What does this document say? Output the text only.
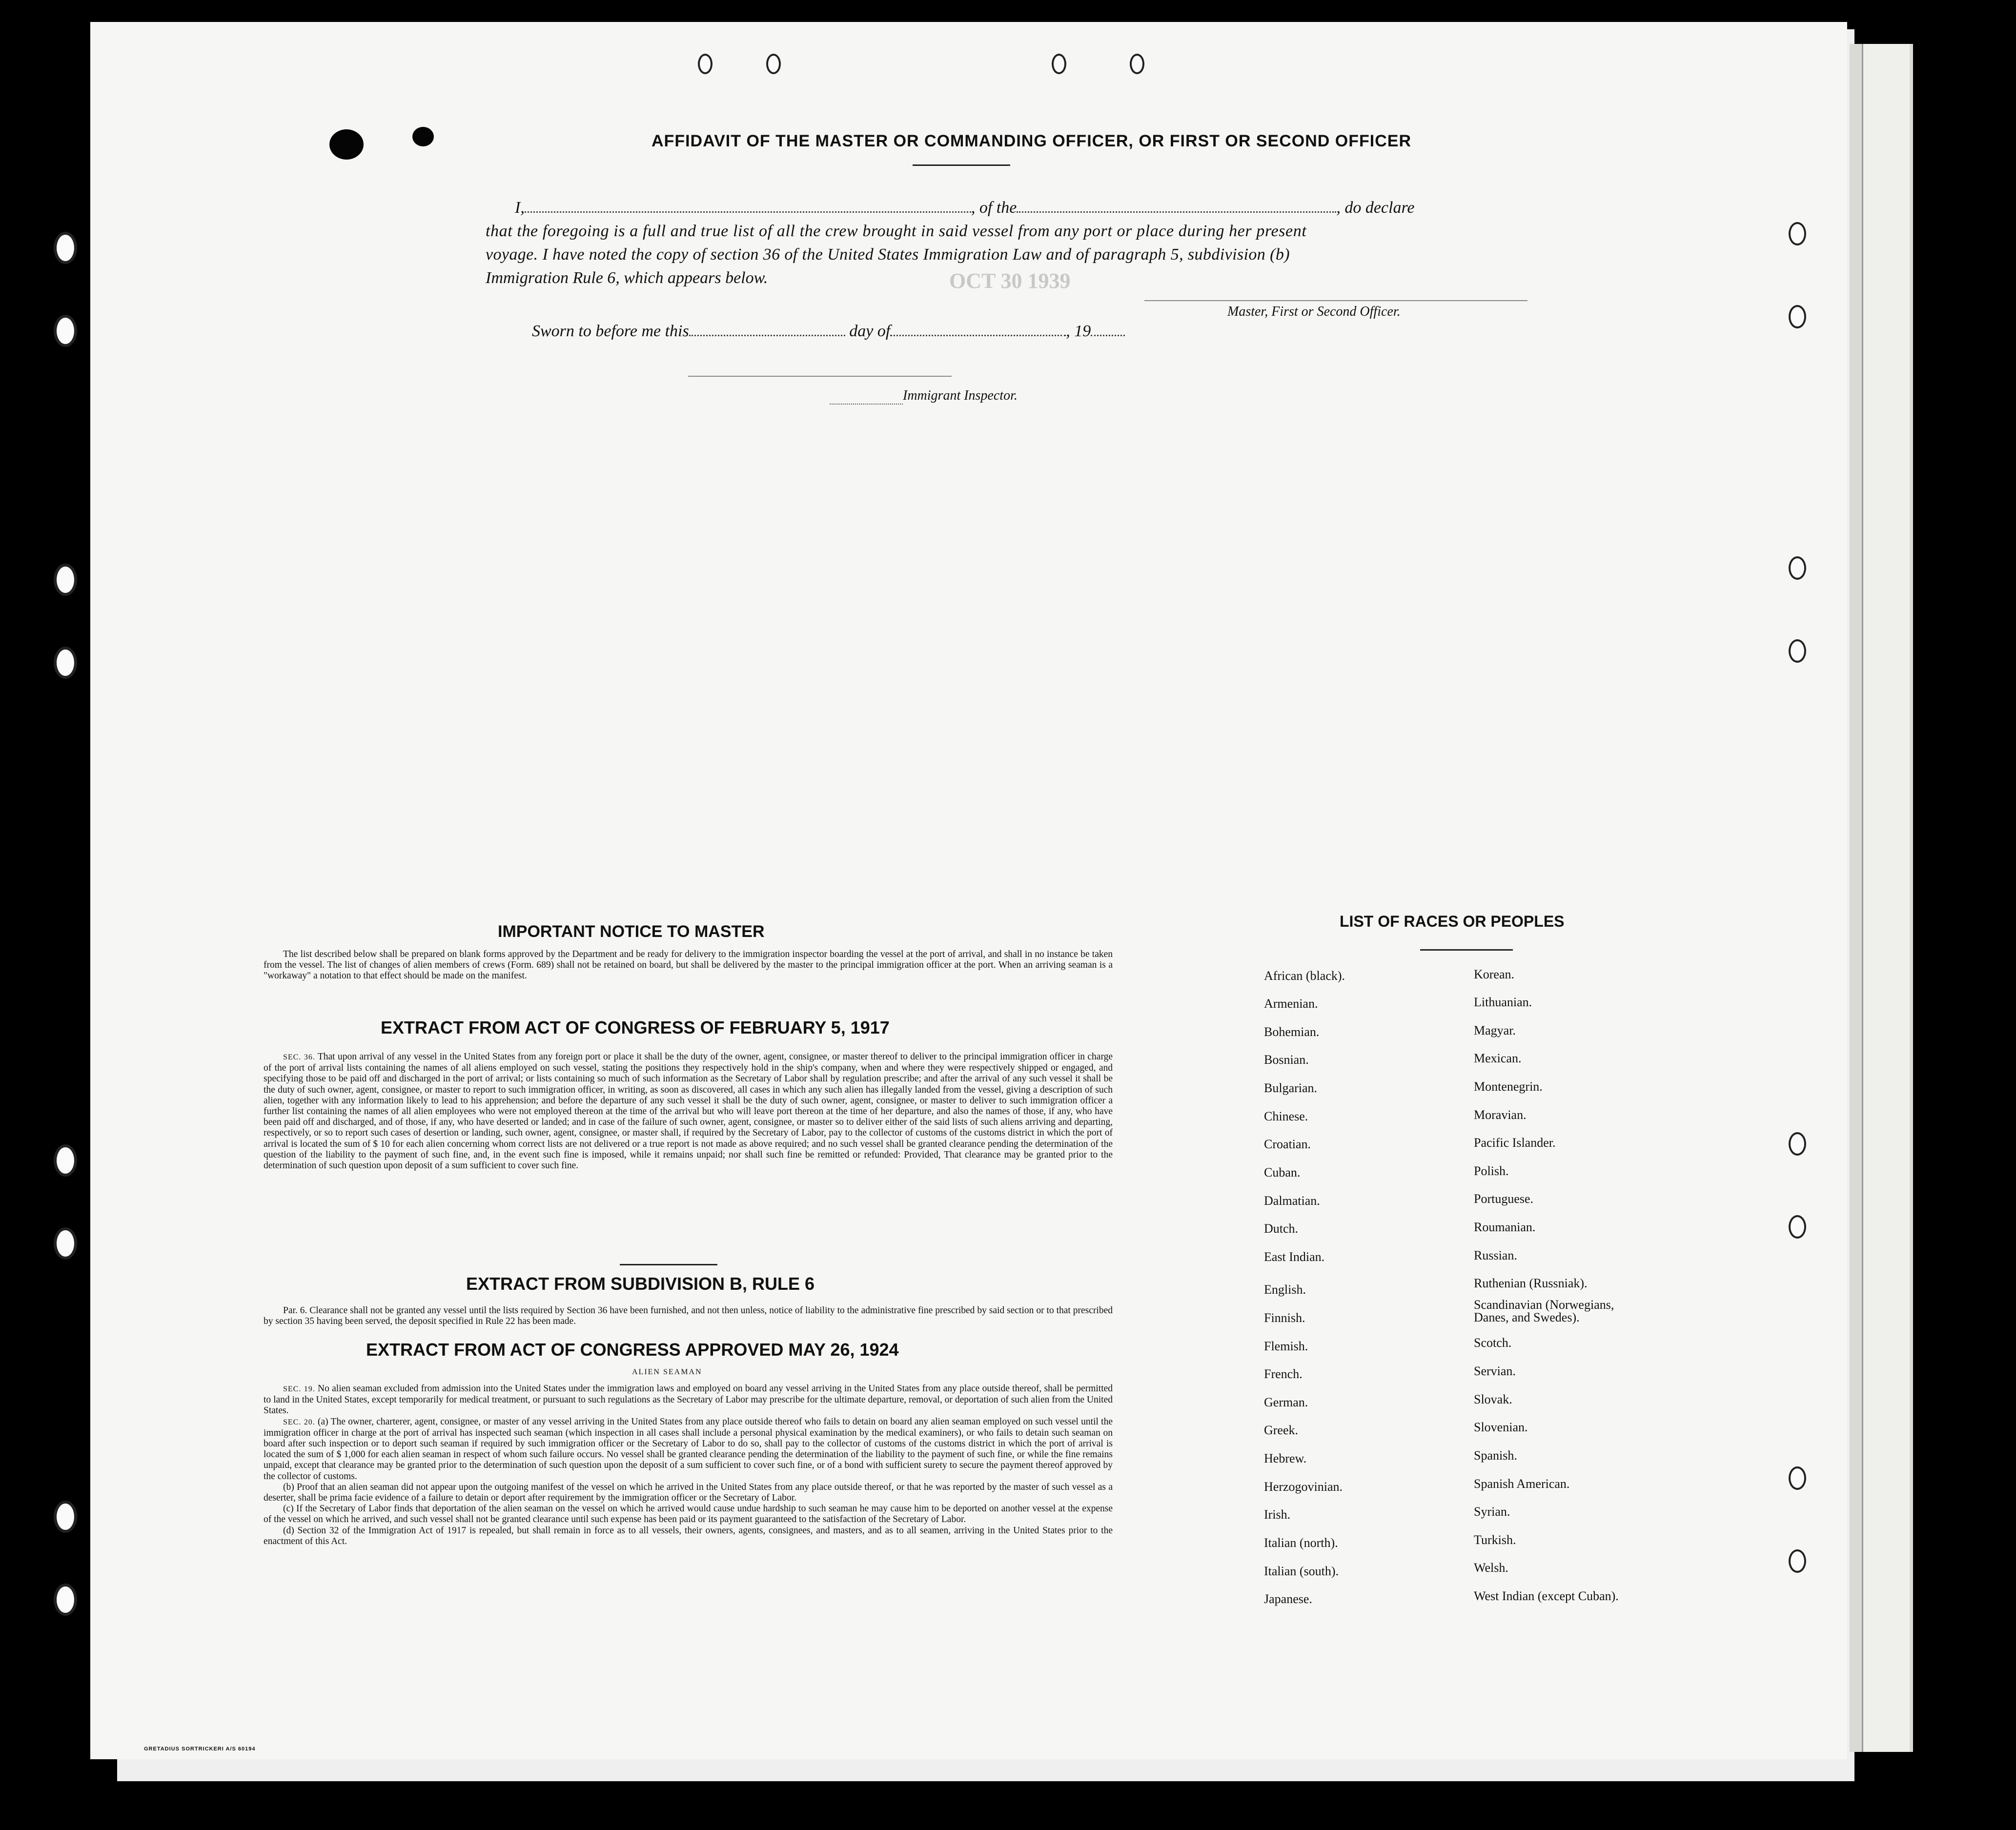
OCT 30 1939
AFFIDAVIT OF THE MASTER OR COMMANDING OFFICER, OR FIRST OR SECOND OFFICER
I,	, of the	, do declare
that the foregoing is a full and true list of all the crew brought in said vessel from any port or place during her present
voyage. I have noted the copy of section 36 of the United States Immigration Law and of paragraph 5, subdivision (b)
Immigration Rule 6, which appears below.
Master, First or Second Officer.
Sworn to before me this	day of	, 19
Immigrant Inspector.
IMPORTANT NOTICE TO MASTER
The list described below shall be prepared on blank forms approved by the Department and be ready for delivery to the immigration inspector boarding the vessel at the port of arrival, and shall in no instance be taken from the vessel. The list of changes of alien members of crews (Form. 689) shall not be retained on board, but shall be delivered by the master to the principal immigration officer at the port. When an arriving seaman is a "workaway" a notation to that effect should be made on the manifest.
EXTRACT FROM ACT OF CONGRESS OF FEBRUARY 5, 1917
SEC. 36. That upon arrival of any vessel in the United States from any foreign port or place it shall be the duty of the owner, agent, consignee, or master thereof to deliver to the principal immigration officer in charge of the port of arrival lists containing the names of all aliens employed on such vessel, stating the positions they respectively hold in the ship's company, when and where they were respectively shipped or engaged, and specifying those to be paid off and discharged in the port of arrival; or lists containing so much of such information as the Secretary of Labor shall by regulation prescribe; and after the arrival of any such vessel it shall be the duty of such owner, agent, consignee, or master to report to such immigration officer, in writing, as soon as discovered, all cases in which any such alien has illegally landed from the vessel, giving a description of such alien, together with any information likely to lead to his apprehension; and before the departure of any such vessel it shall be the duty of such owner, agent, consignee, or master to deliver to such immigration officer a further list containing the names of all alien employees who were not employed thereon at the time of the arrival but who will leave port thereon at the time of her departure, and also the names of those, if any, who have been paid off and discharged, and of those, if any, who have deserted or landed; and in case of the failure of such owner, agent, consignee, or master so to deliver either of the said lists of such aliens arriving and departing, respectively, or so to report such cases of desertion or landing, such owner, agent, consignee, or master shall, if required by the Secretary of Labor, pay to the collector of customs of the customs district in which the port of arrival is located the sum of $ 10 for each alien concerning whom correct lists are not delivered or a true report is not made as above required; and no such vessel shall be granted clearance pending the determination of the question of the liability to the payment of such fine, and, in the event such fine is imposed, while it remains unpaid; nor shall such fine be remitted or refunded: Provided, That clearance may be granted prior to the determination of such question upon deposit of a sum sufficient to cover such fine.
EXTRACT FROM SUBDIVISION B, RULE 6
Par. 6. Clearance shall not be granted any vessel until the lists required by Section 36 have been furnished, and not then unless, notice of liability to the administrative fine prescribed by said section or to that prescribed by section 35 having been served, the deposit specified in Rule 22 has been made.
EXTRACT FROM ACT OF CONGRESS APPROVED MAY 26, 1924
ALIEN SEAMAN
SEC. 19. No alien seaman excluded from admission into the United States under the immigration laws and employed on board any vessel arriving in the United States from any place outside thereof, shall be permitted to land in the United States, except temporarily for medical treatment, or pursuant to such regulations as the Secretary of Labor may prescribe for the ultimate departure, removal, or deportation of such alien from the United States.
SEC. 20. (a) The owner, charterer, agent, consignee, or master of any vessel arriving in the United States from any place outside thereof who fails to detain on board any alien seaman employed on such vessel until the immigration officer in charge at the port of arrival has inspected such seaman (which inspection in all cases shall include a personal physical examination by the medical examiners), or who fails to detain such seaman on board after such inspection or to deport such seaman if required by such immigration officer or the Secretary of Labor to do so, shall pay to the collector of customs of the customs district in which the port of arrival is located the sum of $ 1,000 for each alien seaman in respect of whom such failure occurs. No vessel shall be granted clearance pending the determination of the liability to the payment of such fine, or while the fine remains unpaid, except that clearance may be granted prior to the determination of such question upon the deposit of a sum sufficient to cover such fine, or of a bond with sufficient surety to secure the payment thereof approved by the collector of customs.
(b) Proof that an alien seaman did not appear upon the outgoing manifest of the vessel on which he arrived in the United States from any place outside thereof, or that he was reported by the master of such vessel as a deserter, shall be prima facie evidence of a failure to detain or deport after requirement by the immigration officer or the Secretary of Labor.
(c) If the Secretary of Labor finds that deportation of the alien seaman on the vessel on which he arrived would cause undue hardship to such seaman he may cause him to be deported on another vessel at the expense of the vessel on which he arrived, and such vessel shall not be granted clearance until such expense has been paid or its payment guaranteed to the satisfaction of the Secretary of Labor.
(d) Section 32 of the Immigration Act of 1917 is repealed, but shall remain in force as to all vessels, their owners, agents, consignees, and masters, and as to all seamen, arriving in the United States prior to the enactment of this Act.
LIST OF RACES OR PEOPLES
African (black).
Armenian.
Bohemian.
Bosnian.
Bulgarian.
Chinese.
Croatian.
Cuban.
Dalmatian.
Dutch.
East Indian.
English.
Finnish.
Flemish.
French.
German.
Greek.
Hebrew.
Herzogovinian.
Irish.
Italian (north).
Italian (south).
Japanese.
Korean.
Lithuanian.
Magyar.
Mexican.
Montenegrin.
Moravian.
Pacific Islander.
Polish.
Portuguese.
Roumanian.
Russian.
Ruthenian (Russniak).
Scandinavian (Norwegians, Danes, and Swedes).
Scotch.
Servian.
Slovak.
Slovenian.
Spanish.
Spanish American.
Syrian.
Turkish.
Welsh.
West Indian (except Cuban).
GRETADIUS SORTRICKERI A/S 60194
